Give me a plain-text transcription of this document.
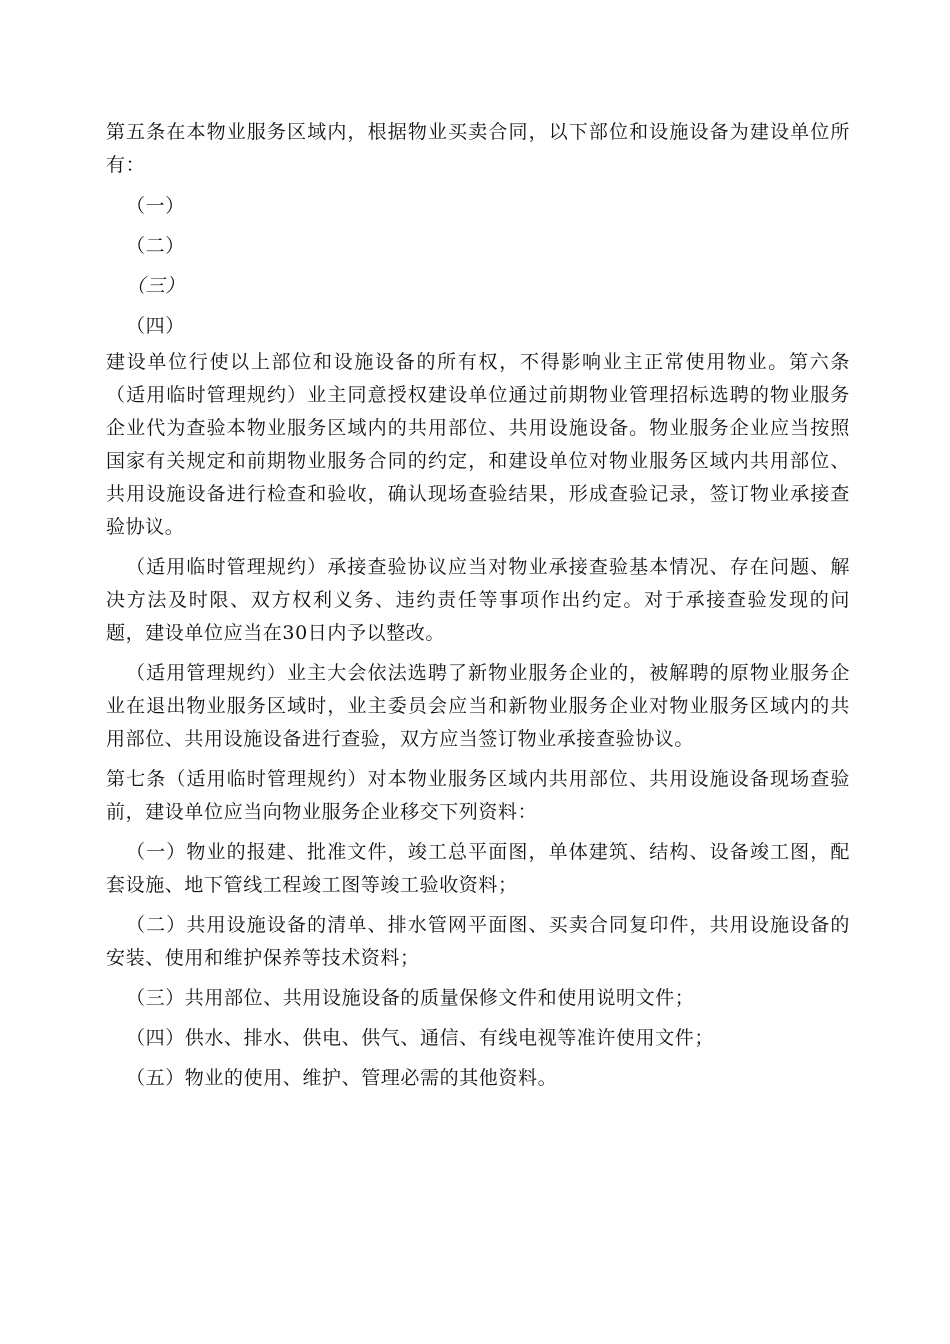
第五条在本物业服务区域内，根据物业买卖合同，以下部位和设施设备为建设单位所有：

（一）

（二）

（三）

（四）

建设单位行使以上部位和设施设备的所有权，不得影响业主正常使用物业。第六条（适用临时管理规约）业主同意授权建设单位通过前期物业管理招标选聘的物业服务企业代为查验本物业服务区域内的共用部位、共用设施设备。物业服务企业应当按照国家有关规定和前期物业服务合同的约定，和建设单位对物业服务区域内共用部位、共用设施设备进行检查和验收，确认现场查验结果，形成查验记录，签订物业承接查验协议。

（适用临时管理规约）承接查验协议应当对物业承接查验基本情况、存在问题、解决方法及时限、双方权利义务、违约责任等事项作出约定。对于承接查验发现的问题，建设单位应当在30日内予以整改。

（适用管理规约）业主大会依法选聘了新物业服务企业的，被解聘的原物业服务企业在退出物业服务区域时，业主委员会应当和新物业服务企业对物业服务区域内的共用部位、共用设施设备进行查验，双方应当签订物业承接查验协议。

第七条（适用临时管理规约）对本物业服务区域内共用部位、共用设施设备现场查验前，建设单位应当向物业服务企业移交下列资料：

（一）物业的报建、批准文件，竣工总平面图，单体建筑、结构、设备竣工图，配套设施、地下管线工程竣工图等竣工验收资料；

（二）共用设施设备的清单、排水管网平面图、买卖合同复印件，共用设施设备的安装、使用和维护保养等技术资料；

（三）共用部位、共用设施设备的质量保修文件和使用说明文件；

（四）供水、排水、供电、供气、通信、有线电视等准许使用文件；

（五）物业的使用、维护、管理必需的其他资料。
